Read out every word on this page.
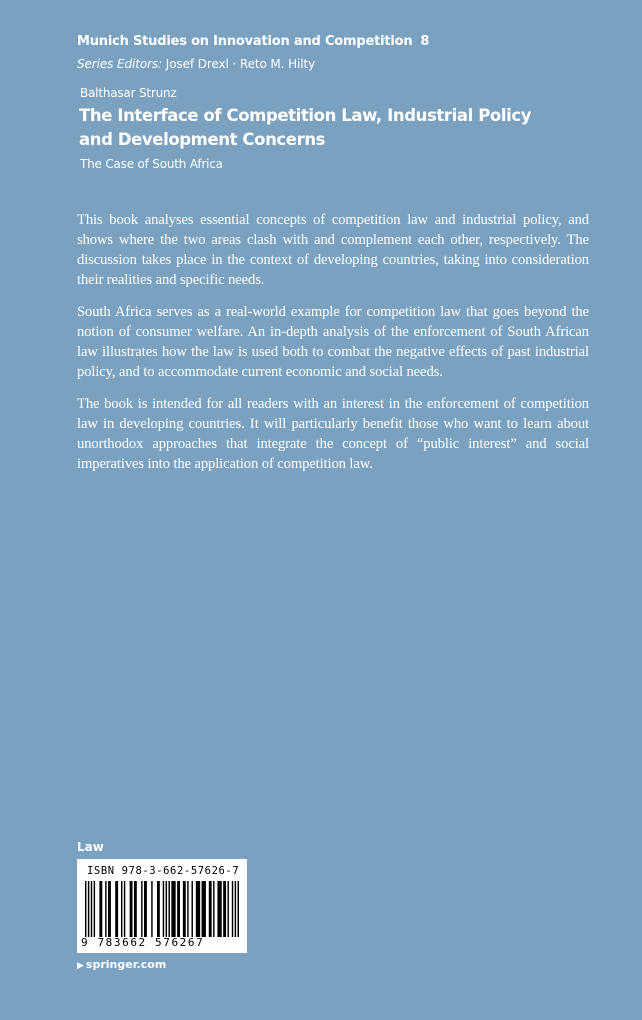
Munich Studies on Innovation and Competition 8
Series Editors: Josef Drexl · Reto M. Hilty
Balthasar Strunz
The Interface of Competition Law, Industrial Policy and Development Concerns
The Case of South Africa

This book analyses essential concepts of competition law and industrial policy, and shows where the two areas clash with and complement each other, respectively. The discussion takes place in the context of developing countries, taking into consideration their realities and specific needs.

South Africa serves as a real-world example for competition law that goes beyond the notion of consumer welfare. An in-depth analysis of the enforcement of South African law illustrates how the law is used both to combat the negative effects of past industrial policy, and to accommodate current economic and social needs.

The book is intended for all readers with an interest in the enforcement of competition law in developing countries. It will particularly benefit those who want to learn about unorthodox approaches that integrate the concept of “public interest” and social imperatives into the application of competition law.

Law
ISBN 978-3-662-57626-7
9 783662 576267
▶ springer.com
